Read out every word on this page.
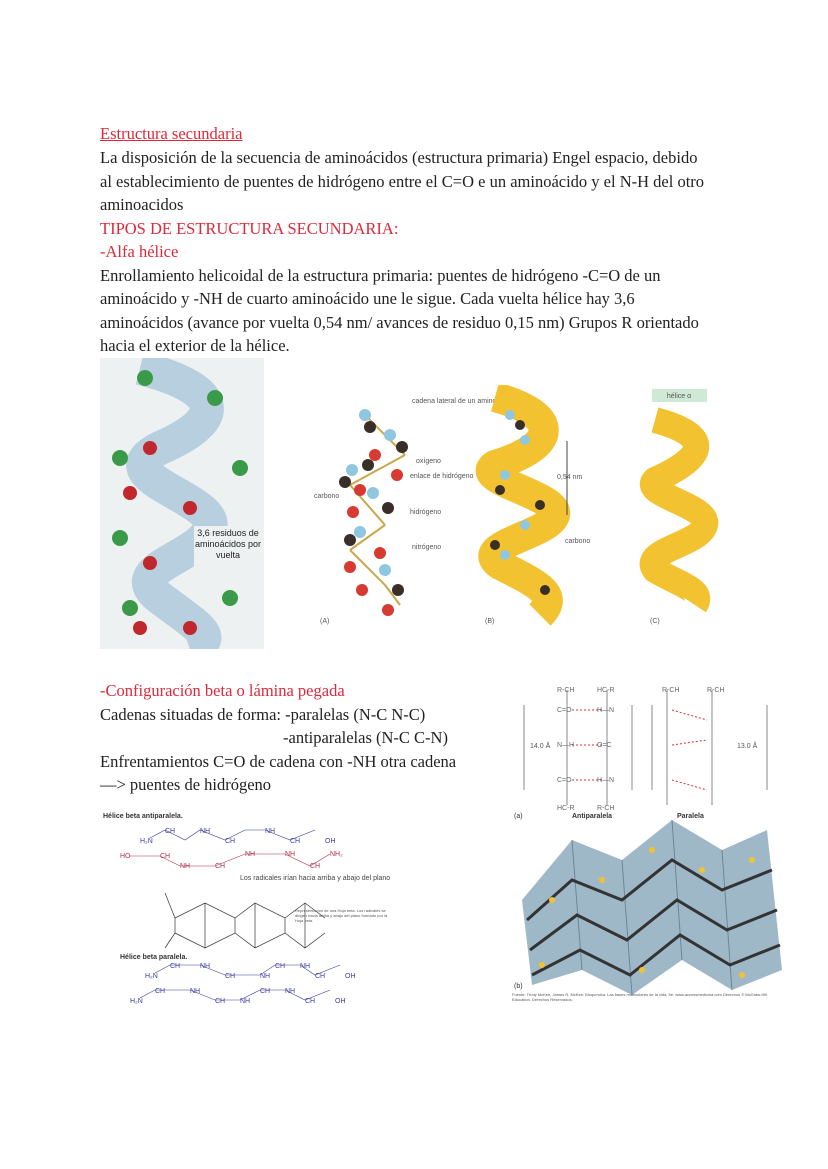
Estructura secundaria
La disposición de la secuencia de aminoácidos (estructura primaria) Engel espacio, debido
al establecimiento de puentes de hidrógeno entre el C=O e un aminoácido y el N-H del otro
aminoacidos
TIPOS DE ESTRUCTURA SECUNDARIA:
-Alfa hélice
Enrollamiento helicoidal de la estructura primaria: puentes de hidrógeno -C=O de un
aminoácido y -NH de cuarto aminoácido une le sigue. Cada vuelta hélice hay 3,6
aminoácidos (avance por vuelta 0,54 nm/ avances de residuo 0,15 nm) Grupos R orientado
hacia el exterior de la hélice.
3,6 residuos de aminoácidos por vuelta
cadena lateral de un aminoácido
oxígeno
enlace de hidrógeno
carbono
hidrógeno
nitrógeno
0,54 nm
carbono
hélice α
(A)	(B)	(C)
-Configuración beta o lámina pegada
Cadenas situadas de forma: -paralelas (N-C N-C)
-antiparalelas (N-C C-N)
Enfrentamientos C=O de cadena con -NH otra cadena
—> puentes de hidrógeno
R-CH	HC-R	R-CH	R-CH
C=O	H—N
N—H	O=C
C=O	H—N
HC-R	R-CH
14.0 Å	13.0 Å
(a)	Antiparalela	Paralela
(b)
Fuente: Trudy McKee, James R. McKee: Bioquímica. Las bases moleculares de la vida, 5e: www.accessmedicina.com Derechos © McGraw-Hill Education. Derechos Reservados.
Hélice beta antiparalela.
H₂N
CH	NH
CH
NH
CH	OH
HO	CH
NH	CH
NH	NH
CH
NH₂
Los radicales irían hacia arriba y abajo del plano
Representación de una Hoja beta. Los radicales se dirigen hacia arriba y abajo del plano formado por la Hoja beta.
Hélice beta paralela.
H₂N
CH	NH
CH	NH
CH NH
CH	OH
H₂N
CH	NH
CH NH
CH NH
CH	OH
